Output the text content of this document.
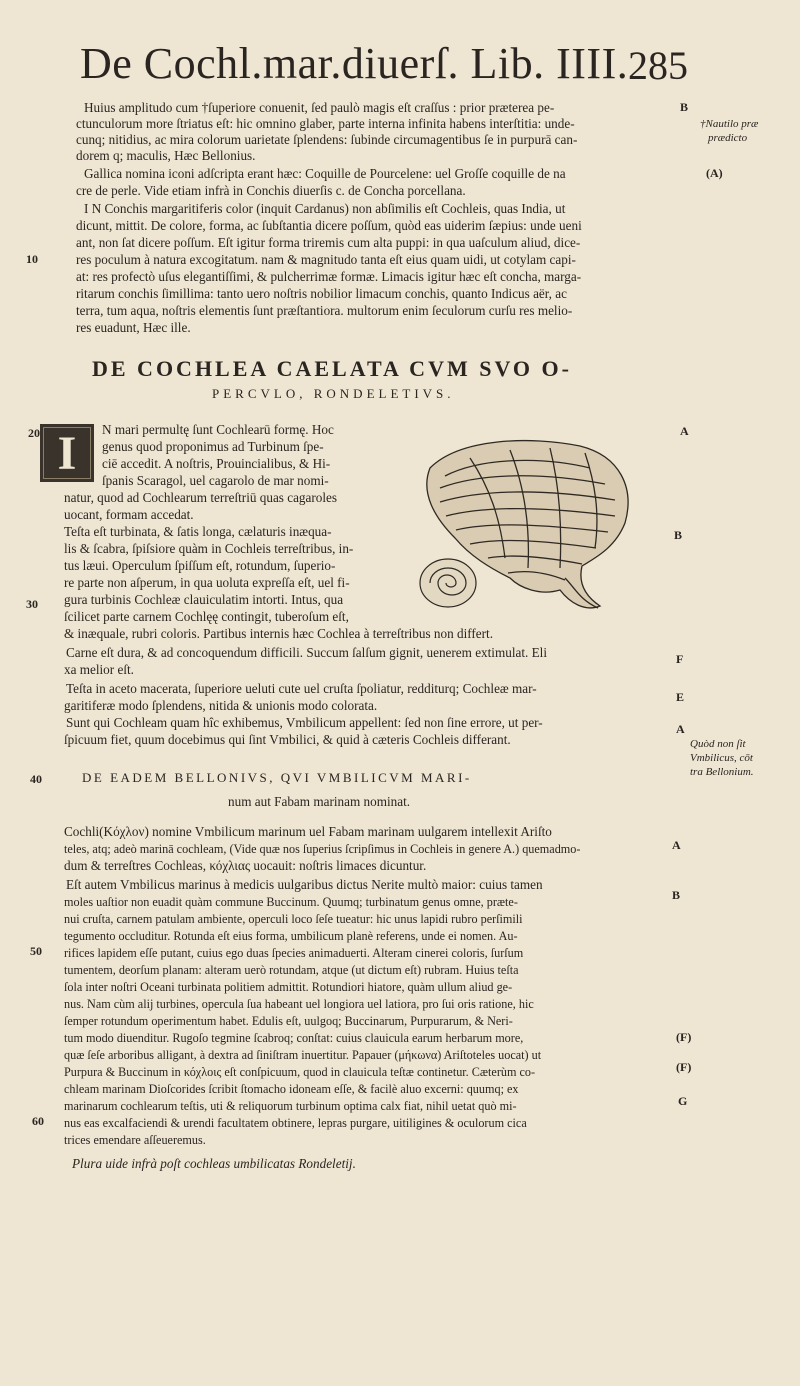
De Cochl.mar.diuerſ. Lib. IIII. 285
Huius amplitudo cum †ſuperiore conuenit, ſed paulò magis eſt craſſus : prior præterea pe-
ctunculorum more ſtriatus eſt: hic omnino glaber, parte interna infinita habens interſtitia: unde-
cunq; nitidius, ac mira colorum uarietate ſplendens: ſubinde circumagentibus ſe in purpurā can-
dorem q; maculis, Hæc Bellonius.
Gallica nomina iconi adſcripta erant hæc: Coquille de Pourcelene: uel Groſſe coquille de na
cre de perle. Vide etiam infrà in Conchis diuerſis c. de Concha porcellana.
I N Conchis margaritiferis color (inquit Cardanus) non abſimilis eſt Cochleis, quas India, ut
dicunt, mittit. De colore, forma, ac ſubſtantia dicere poſſum, quòd eas uiderim ſæpius: unde ueni
ant, non ſat dicere poſſum. Eſt igitur forma triremis cum alta puppi: in qua uaſculum aliud, dice-
res poculum à natura excogitatum. nam & magnitudo tanta eſt eius quam uidi, ut cotylam capi-
at: res profectò uſus elegantiſſimi, & pulcherrimæ formæ. Limacis igitur hæc eſt concha, marga-
ritarum conchis ſimillima: tanto uero noſtris nobilior limacum conchis, quanto Indicus aër, ac
terra, tum aqua, noſtris elementis ſunt præſtantiora. multorum enim ſeculorum curſu res melio-
res euadunt, Hæc ille.
DE COCHLEA CAELATA CVM SVO O-
PERCVLO, RONDELETIVS.
I	N mari permultę ſunt Cochlearū formę. Hoc
genus quod proponimus ad Turbinum ſpe-
ciē accedit. A noſtris, Prouincialibus, & Hi-
ſpanis Scaragol, uel cagarolo de mar nomi-
natur, quod ad Cochlearum terreſtriū quas cagaroles
uocant, formam accedat.
Teſta eſt turbinata, & ſatis longa, cælaturis inæqua-
lis & ſcabra, ſpiſsiore quàm in Cochleis terreſtribus, in-
tus læui. Operculum ſpiſſum eſt, rotundum, ſuperio-
re parte non aſperum, in qua uoluta expreſſa eſt, uel fi-
gura turbinis Cochleæ clauiculatim intorti. Intus, qua
ſcilicet parte carnem Cochlęę contingit, tuberoſum eſt,
& inæquale, rubri coloris. Partibus internis hæc Cochlea à terreſtribus non differt.
Carne eſt dura, & ad concoquendum difficili. Succum ſalſum gignit, uenerem extimulat. Eli
xa melior eſt.
Teſta in aceto macerata, ſuperiore ueluti cute uel cruſta ſpoliatur, redditurq; Cochleæ mar-
garitiferæ modo ſplendens, nitida & unionis modo colorata.
Sunt qui Cochleam quam hîc exhibemus, Vmbilicum appellent: ſed non ſine errore, ut per-
ſpicuum fiet, quum docebimus qui ſint Vmbilici, & quid à cæteris Cochleis differant.
DE EADEM BELLONIVS, QVI VMBILICVM MARI-
num aut Fabam marinam nominat.
Cochli(Κόχλον) nomine Vmbilicum marinum uel Fabam marinam uulgarem intellexit Ariſto
teles, atq; adeò marinā cochleam, (Vide quæ nos ſuperius ſcripſimus in Cochleis in genere A.) quemadmo-
dum & terreſtres Cochleas, κόχλιας uocauit: noſtris limaces dicuntur.
Eſt autem Vmbilicus marinus à medicis uulgaribus dictus Nerite multò maior: cuius tamen
moles uaſtior non euadit quàm commune Buccinum. Quumq; turbinatum genus omne, præte-
nui cruſta, carnem patulam ambiente, operculi loco ſeſe tueatur: hic unus lapidi rubro perſimili
tegumento occluditur. Rotunda eſt eius forma, umbilicum planè referens, unde ei nomen. Au-
rifices lapidem eſſe putant, cuius ego duas ſpecies animaduerti. Alteram cinerei coloris, ſurſum
tumentem, deorſum planam: alteram uerò rotundam, atque (ut dictum eſt) rubram. Huius teſta
ſola inter noſtri Oceani turbinata politiem admittit. Rotundiori hiatore, quàm ullum aliud ge-
nus. Nam cùm alij turbines, opercula ſua habeant uel longiora uel latiora, pro ſui oris ratione, hic
ſemper rotundum operimentum habet. Edulis eſt, uulgoq; Buccinarum, Purpurarum, & Neri-
tum modo diuenditur. Rugoſo tegmine ſcabroq; conſtat: cuius clauicula earum herbarum more,
quæ ſeſe arboribus alligant, à dextra ad ſiniſtram inuertitur. Papauer (μήκωνα) Ariſtoteles uocat) ut
Purpura & Buccinum in κόχλοις eſt conſpicuum, quod in clauicula teſtæ continetur. Cæterùm co-
chleam marinam Dioſcorides ſcribit ſtomacho idoneam eſſe, & facilè aluo excerni: quumq; ex
marinarum cochlearum teſtis, uti & reliquorum turbinum optima calx fiat, nihil uetat quò mi-
nus eas excalfaciendi & urendi facultatem obtinere, lepras purgare, uitiligines & oculorum cica
trices emendare aſſeueremus.
Plura uide infrà poſt cochleas umbilicatas Rondeletij.
B
(A)
A
B
F
E
A
A
B
(F)
(F)
G
10
20
30
40
50
60
†Nautilo præ
prædicto
Quòd non ſit
Vmbilicus, cōt
tra Bellonium.
